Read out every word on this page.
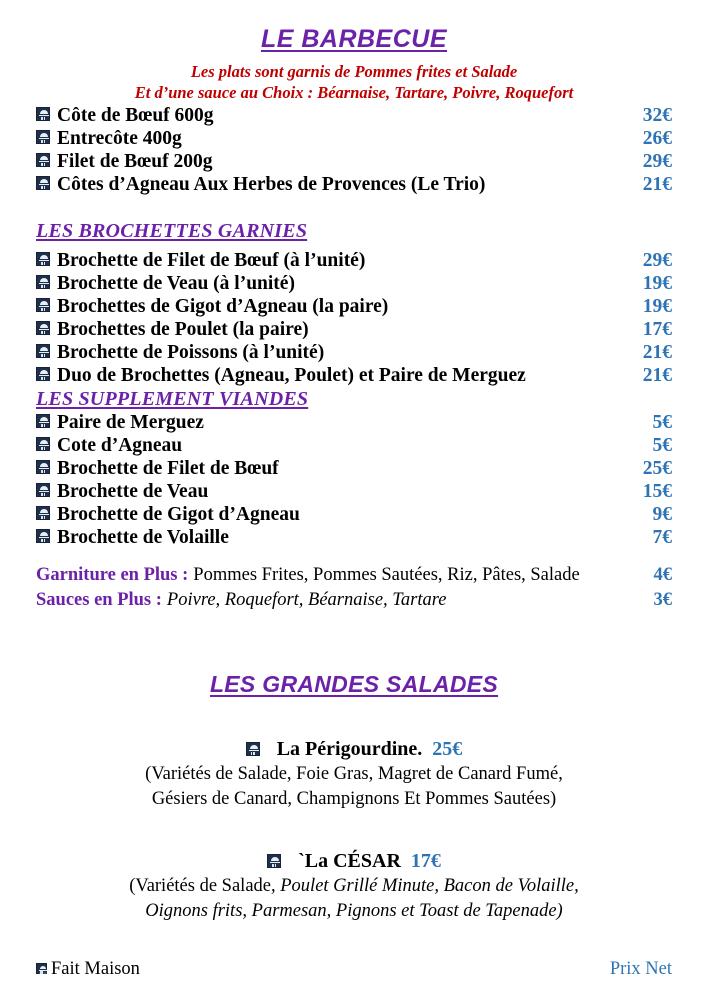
LE BARBECUE
Les plats sont garnis de Pommes frites et Salade
Et d’une sauce au Choix : Béarnaise, Tartare, Poivre, Roquefort
Côte de Bœuf 600g	32€
Entrecôte 400g	26€
Filet de Bœuf 200g	29€
Côtes d’Agneau Aux Herbes de Provences (Le Trio)	21€
LES BROCHETTES GARNIES
Brochette de Filet de Bœuf (à l’unité)	29€
Brochette de Veau (à l’unité)	19€
Brochettes de Gigot d’Agneau (la paire)	19€
Brochettes de Poulet (la paire)	17€
Brochette de Poissons (à l’unité)	21€
Duo de Brochettes (Agneau, Poulet) et Paire de Merguez	21€
LES SUPPLEMENT VIANDES
Paire de Merguez	5€
Cote d’Agneau	5€
Brochette de Filet de Bœuf	25€
Brochette de Veau	15€
Brochette de Gigot d’Agneau	9€
Brochette de Volaille	7€
Garniture en Plus : Pommes Frites, Pommes Sautées, Riz, Pâtes, Salade	4€
Sauces en Plus : Poivre, Roquefort, Béarnaise, Tartare	3€
LES GRANDES SALADES
La Périgourdine. 25€
(Variétés de Salade, Foie Gras, Magret de Canard Fumé,
Gésiers de Canard, Champignons Et Pommes Sautées)
`La CÉSAR 17€
(Variétés de Salade, Poulet Grillé Minute, Bacon de Volaille,
Oignons frits, Parmesan, Pignons et Toast de Tapenade)
Fait Maison	Prix Net
